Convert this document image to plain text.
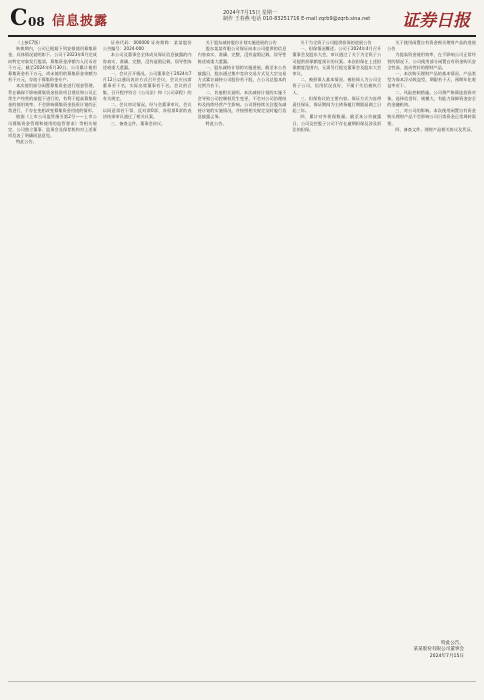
C 08 信息披露
2024年7月15日 星期一
制作 王春燕 电话 010-83251716 E-mail zqrb9@zqrb.sina.net 证券日报

（上接C7版）

转换期内，公司已根据下列安排使用募集资金，具体情况说明如下。公司于2023年6月完成向特定对象发行股票，募集资金净额为人民币若干万元。截至2024年6月30日，公司累计使用募集资金若干万元，尚未使用的募集资金余额为若干万元，存放于募集资金专户。

本次使用部分闲置募集资金进行现金管理，系在确保不影响募集资金投资项目建设和公司正常生产经营的前提下进行的，有利于提高募集资金的使用效率，不会影响募集资金投资计划的正常进行，不存在变相改变募集资金用途的情形。

根据《上市公司监管指引第2号——上市公司募集资金管理和使用的监管要求》等相关规定，公司独立董事、监事会及保荐机构对上述事项发表了明确同意意见。

特此公告。

证券代码：000000 证券简称：某某股份 公告编号：2024-000

本公司及董事会全体成员保证信息披露的内容真实、准确、完整，没有虚假记载、误导性陈述或重大遗漏。

一、会议召开情况。公司董事会于2024年7月12日以通讯表决方式召开会议，会议应出席董事若干名，实际出席董事若干名。会议的召集、召开程序符合《公司法》和《公司章程》的有关规定。

二、会议审议情况。经与会董事审议，会议以同意票若干票、反对票0票、弃权票0票的表决结果审议通过了相关议案。

三、备查文件。董事会决议。

关于股东减持股份计划实施进展的公告

股东某某有限公司保证向本公司提供的信息内容真实、准确、完整，没有虚假记载、误导性陈述或重大遗漏。

一、股东减持计划的实施进展。截至本公告披露日，股东通过集中竞价交易方式及大宗交易方式累计减持公司股份若干股，占公司总股本的比例为若干。

二、其他相关说明。本次减持计划的实施不会导致公司控制权发生变更，不会对公司治理结构及持续经营产生影响。公司将持续关注股东减持计划的实施情况，并按照相关规定及时履行信息披露义务。

特此公告。

关于为全资子公司提供担保的进展公告

一、担保情况概述。公司于2024年4月召开董事会及股东大会，审议通过了关于为全资子公司提供担保额度预计的议案。本次担保在上述担保额度范围内，无需另行提交董事会及股东大会审议。

二、被担保人基本情况。被担保人为公司全资子公司，信用状况良好，不属于失信被执行人。

三、担保协议的主要内容。保证方式为连带责任保证，保证期间为主债务履行期限届满之日起三年。

四、累计对外担保数量。截至本公告披露日，公司及控股子公司不存在逾期担保及涉及诉讼的担保。

关于使用闲置自有资金购买理财产品的进展公告

为提高资金使用效率，在不影响公司正常经营的情况下，公司使用部分闲置自有资金购买安全性高、流动性好的理财产品。

一、本次购买理财产品的基本情况。产品类型为保本浮动收益型，期限若干天，预期年化收益率若干。

二、风险控制措施。公司将严格筛选投资对象，选择信誉好、规模大、有能力保障资金安全的金融机构。

三、对公司的影响。本次使用闲置自有资金购买理财产品不会影响公司日常资金正常周转需要。

四、备查文件。理财产品相关协议及凭证。

特此公告。
某某股份有限公司董事会
2024年7月15日
